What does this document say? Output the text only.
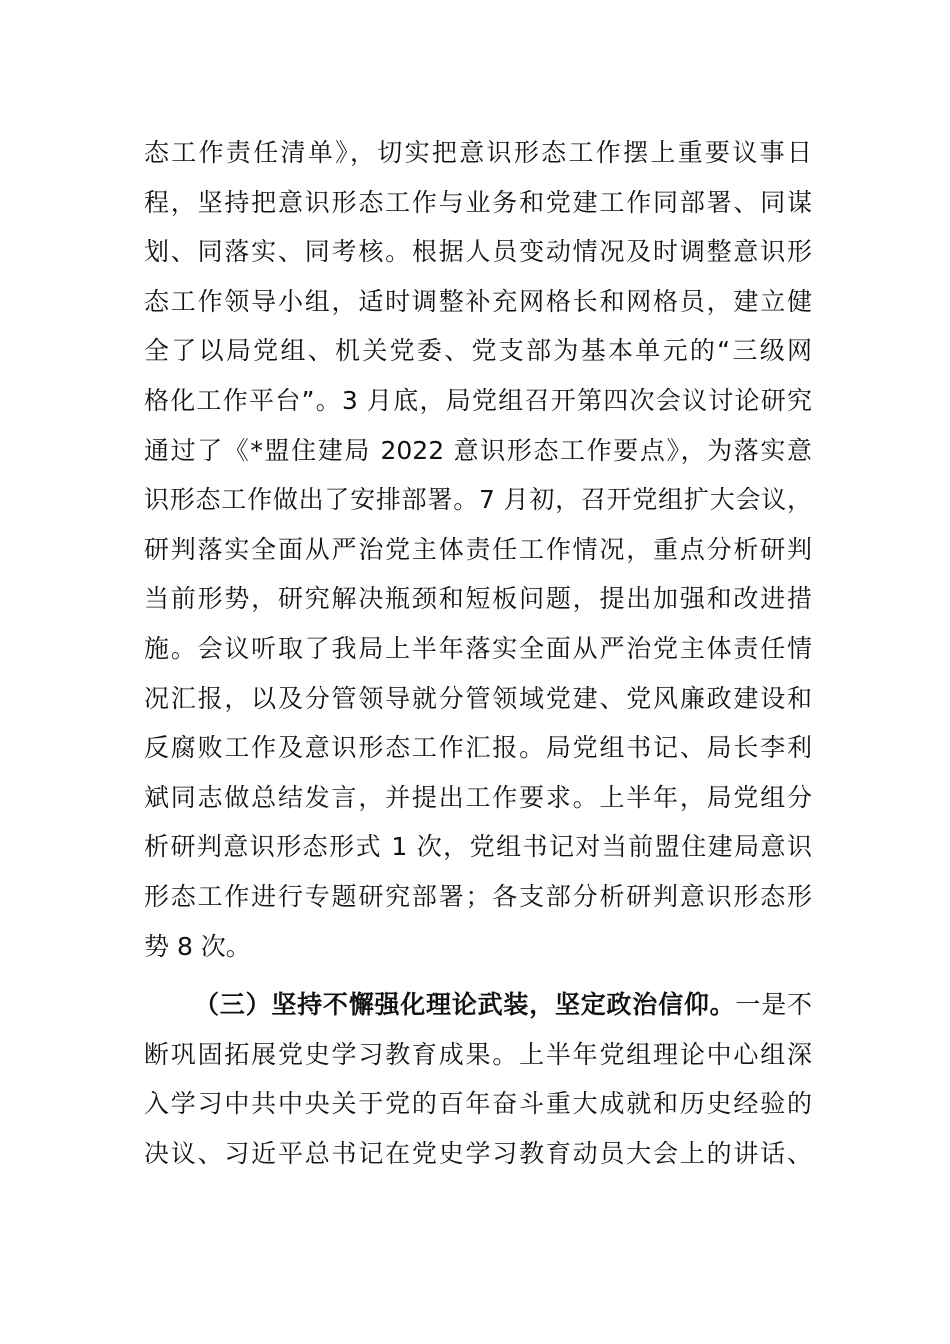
态工作责任清单》，切实把意识形态工作摆上重要议事日
程，坚持把意识形态工作与业务和党建工作同部署、同谋
划、同落实、同考核。根据人员变动情况及时调整意识形
态工作领导小组，适时调整补充网格长和网格员，建立健
全了以局党组、机关党委、党支部为基本单元的“三级网
格化工作平台”。3 月底，局党组召开第四次会议讨论研究
通过了《*盟住建局 2022 意识形态工作要点》，为落实意
识形态工作做出了安排部署。7 月初，召开党组扩大会议，
研判落实全面从严治党主体责任工作情况，重点分析研判
当前形势，研究解决瓶颈和短板问题，提出加强和改进措
施。会议听取了我局上半年落实全面从严治党主体责任情
况汇报，以及分管领导就分管领域党建、党风廉政建设和
反腐败工作及意识形态工作汇报。局党组书记、局长李利
斌同志做总结发言，并提出工作要求。上半年，局党组分
析研判意识形态形式 1 次，党组书记对当前盟住建局意识
形态工作进行专题研究部署；各支部分析研判意识形态形
势 8 次。
（三）坚持不懈强化理论武装，坚定政治信仰。一是不
断巩固拓展党史学习教育成果。上半年党组理论中心组深
入学习中共中央关于党的百年奋斗重大成就和历史经验的
决议、习近平总书记在党史学习教育动员大会上的讲话、
